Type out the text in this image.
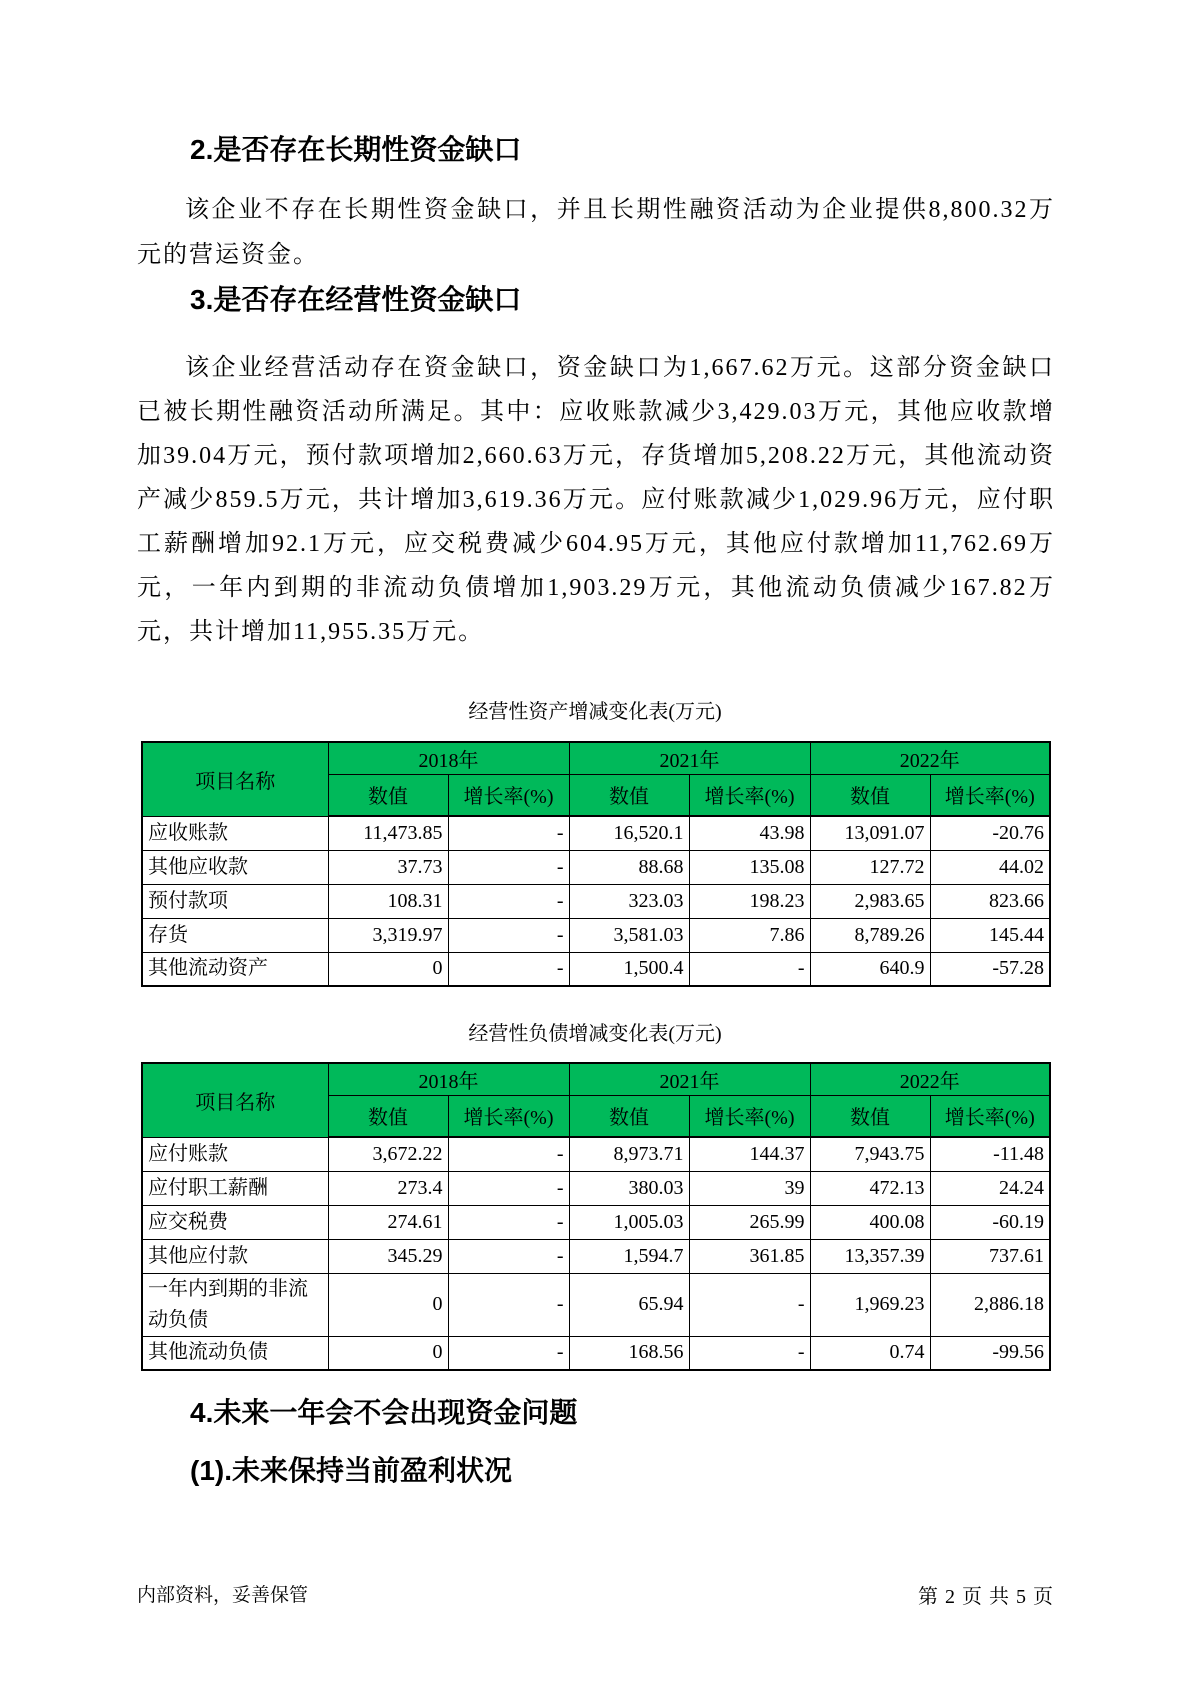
2.是否存在长期性资金缺口

该企业不存在长期性资金缺口，并且长期性融资活动为企业提供8,800.32万元的营运资金。

3.是否存在经营性资金缺口

该企业经营活动存在资金缺口，资金缺口为1,667.62万元。这部分资金缺口已被长期性融资活动所满足。其中：应收账款减少3,429.03万元，其他应收款增加39.04万元，预付款项增加2,660.63万元，存货增加5,208.22万元，其他流动资产减少859.5万元，共计增加3,619.36万元。应付账款减少1,029.96万元，应付职工薪酬增加92.1万元，应交税费减少604.95万元，其他应付款增加11,762.69万元，一年内到期的非流动负债增加1,903.29万元，其他流动负债减少167.82万元，共计增加11,955.35万元。

经营性资产增减变化表(万元)

项目名称	2018年		2021年		2022年	
	数值	增长率(%)	数值	增长率(%)	数值	增长率(%)
应收账款	11,473.85	-	16,520.1	43.98	13,091.07	-20.76
其他应收款	37.73	-	88.68	135.08	127.72	44.02
预付款项	108.31	-	323.03	198.23	2,983.65	823.66
存货	3,319.97	-	3,581.03	7.86	8,789.26	145.44
其他流动资产	0	-	1,500.4	-	640.9	-57.28

经营性负债增减变化表(万元)

项目名称	2018年		2021年		2022年	
	数值	增长率(%)	数值	增长率(%)	数值	增长率(%)
应付账款	3,672.22	-	8,973.71	144.37	7,943.75	-11.48
应付职工薪酬	273.4	-	380.03	39	472.13	24.24
应交税费	274.61	-	1,005.03	265.99	400.08	-60.19
其他应付款	345.29	-	1,594.7	361.85	13,357.39	737.61
一年内到期的非流动负债	0	-	65.94	-	1,969.23	2,886.18
其他流动负债	0	-	168.56	-	0.74	-99.56
4.未来一年会不会出现资金问题
(1).未来保持当前盈利状况

内部资料，妥善保管	第 2 页 共 5 页
